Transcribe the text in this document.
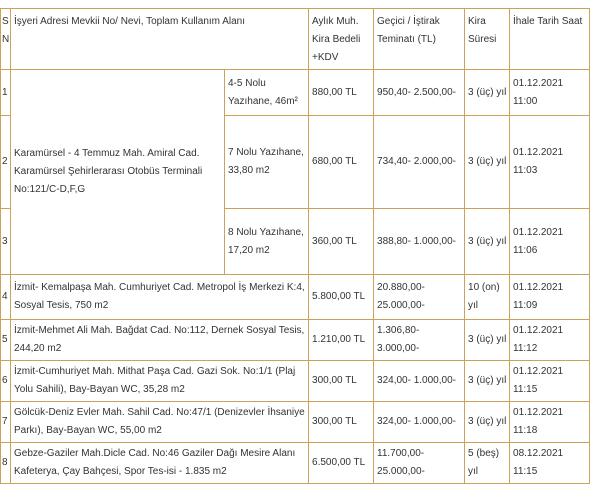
S N	İşyeri Adresi Mevkii No/ Nevi, Toplam Kullanım Alanı		Aylık Muh. Kira Bedeli +KDV	Geçici / İştirak Teminatı (TL)	Kira Süresi	İhale Tarih Saat
1	Karamürsel - 4 Temmuz Mah. Amiral Cad. Karamürsel Şehirlerarası Otobüs Terminali No:121/C-D,F,G	4-5 Nolu Yazıhane, 46m²	880,00 TL	950,40- 2.500,00-	3 (üç) yıl	01.12.2021 11:00
2		7 Nolu Yazıhane, 33,80 m2	680,00 TL	734,40- 2.000,00-	3 (üç) yıl	01.12.2021 11:03
3		8 Nolu Yazıhane, 17,20 m2	360,00 TL	388,80- 1.000,00-	3 (üç) yıl	01.12.2021 11:06
4	İzmit- Kemalpaşa Mah. Cumhuriyet Cad. Metropol İş Merkezi K:4, Sosyal Tesis, 750 m2		5.800,00 TL	20.880,00- 25.000,00-	10 (on) yıl	01.12.2021 11:09
5	İzmit-Mehmet Ali Mah. Bağdat Cad. No:112, Dernek Sosyal Tesis, 244,20 m2		1.210,00 TL	1.306,80- 3.000,00-	3 (üç) yıl	01.12.2021 11:12
6	İzmit-Cumhuriyet Mah. Mithat Paşa Cad. Gazi Sok. No:1/1 (Plaj Yolu Sahili), Bay-Bayan WC, 35,28 m2		300,00 TL	324,00- 1.000,00-	3 (üç) yıl	01.12.2021 11:15
7	Gölcük-Deniz Evler Mah. Sahil Cad. No:47/1 (Denizevler İhsaniye Parkı), Bay-Bayan WC, 55,00 m2		300,00 TL	324,00- 1.000,00-	3 (üç) yıl	01.12.2021 11:18
8	Gebze-Gaziler Mah.Dicle Cad. No:46 Gaziler Dağı Mesire Alanı Kafeterya, Çay Bahçesi, Spor Tes-isi - 1.835 m2		6.500,00 TL	11.700,00- 25.000,00-	5 (beş) yıl	08.12.2021 11:15
